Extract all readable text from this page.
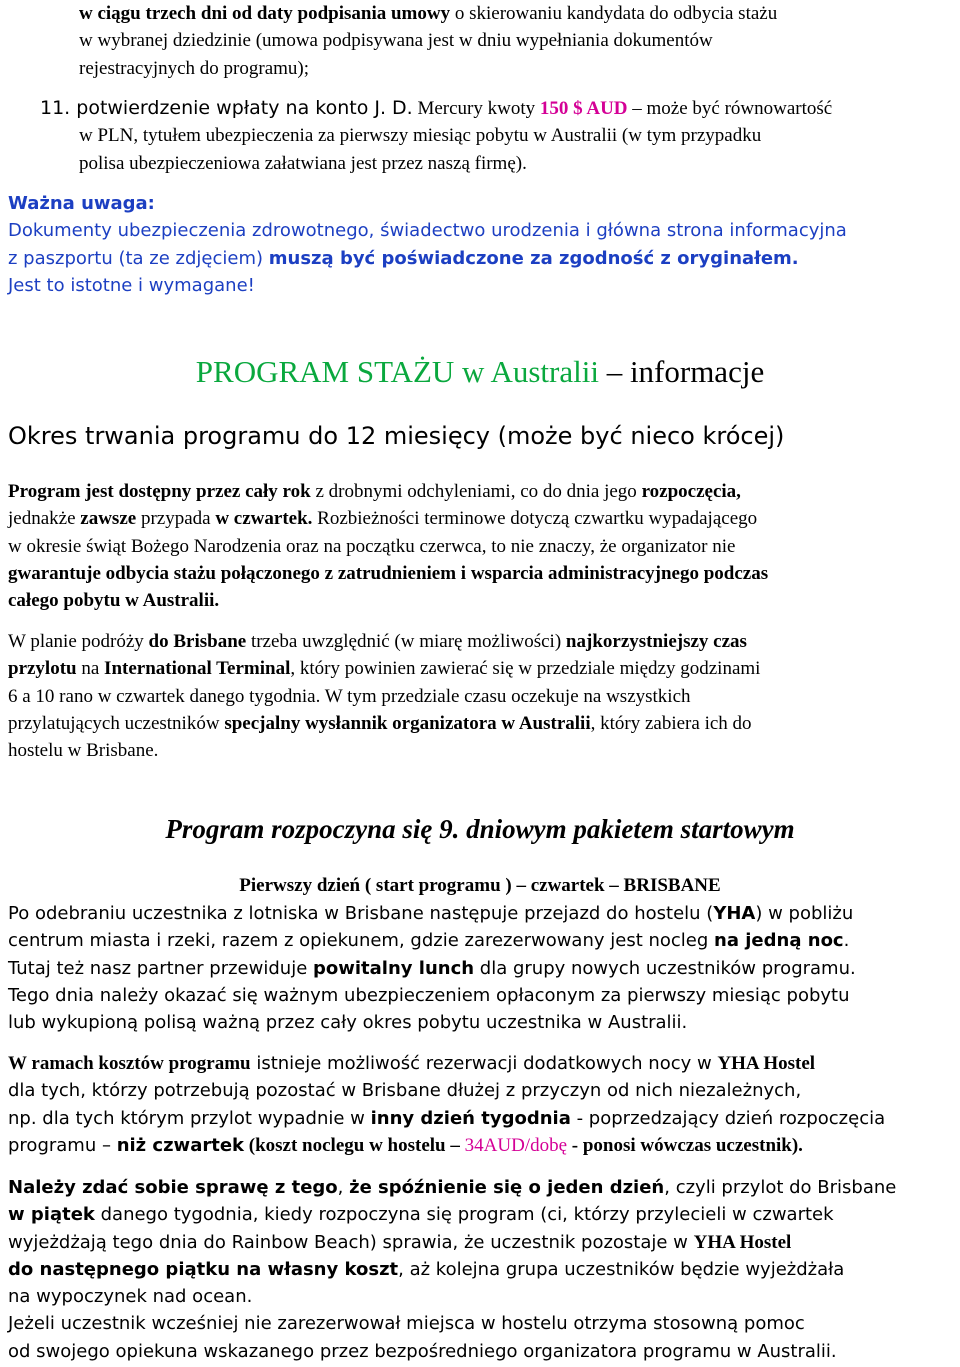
w ciągu trzech dni od daty podpisania umowy o skierowaniu kandydata do odbycia stażu
w wybranej dziedzinie (umowa podpisywana jest w dniu wypełniania dokumentów
rejestracyjnych do programu);
11. potwierdzenie wpłaty na konto J. D. Mercury kwoty 150 $ AUD – może być równowartość
w PLN, tytułem ubezpieczenia za pierwszy miesiąc pobytu w Australii (w tym przypadku
polisa ubezpieczeniowa załatwiana jest przez naszą firmę).
Ważna uwaga:
Dokumenty ubezpieczenia zdrowotnego, świadectwo urodzenia i główna strona informacyjna
z paszportu (ta ze zdjęciem) muszą być poświadczone za zgodność z oryginałem.
Jest to istotne i wymagane!
PROGRAM STAŻU w Australii – informacje
Okres trwania programu do 12 miesięcy (może być nieco krócej)
Program jest dostępny przez cały rok z drobnymi odchyleniami, co do dnia jego rozpoczęcia,
jednakże zawsze przypada w czwartek. Rozbieżności terminowe dotyczą czwartku wypadającego
w okresie świąt Bożego Narodzenia oraz na początku czerwca, to nie znaczy, że organizator nie
gwarantuje odbycia stażu połączonego z zatrudnieniem i wsparcia administracyjnego podczas
całego pobytu w Australii.
W planie podróży do Brisbane trzeba uwzględnić (w miarę możliwości) najkorzystniejszy czas
przylotu na International Terminal, który powinien zawierać się w przedziale między godzinami
6 a 10 rano w czwartek danego tygodnia. W tym przedziale czasu oczekuje na wszystkich
przylatujących uczestników specjalny wysłannik organizatora w Australii, który zabiera ich do
hostelu w Brisbane.
Program rozpoczyna się 9. dniowym pakietem startowym
Pierwszy dzień ( start programu ) – czwartek – BRISBANE
Po odebraniu uczestnika z lotniska w Brisbane następuje przejazd do hostelu (YHA) w pobliżu
centrum miasta i rzeki, razem z opiekunem, gdzie zarezerwowany jest nocleg na jedną noc.
Tutaj też nasz partner przewiduje powitalny lunch dla grupy nowych uczestników programu.
Tego dnia należy okazać się ważnym ubezpieczeniem opłaconym za pierwszy miesiąc pobytu
lub wykupioną polisą ważną przez cały okres pobytu uczestnika w Australii.
W ramach kosztów programu istnieje możliwość rezerwacji dodatkowych nocy w YHA Hostel
dla tych, którzy potrzebują pozostać w Brisbane dłużej z przyczyn od nich niezależnych,
np. dla tych którym przylot wypadnie w inny dzień tygodnia - poprzedzający dzień rozpoczęcia
programu – niż czwartek (koszt noclegu w hostelu – 34AUD/dobę - ponosi wówczas uczestnik).
Należy zdać sobie sprawę z tego, że spóźnienie się o jeden dzień, czyli przylot do Brisbane
w piątek danego tygodnia, kiedy rozpoczyna się program (ci, którzy przylecieli w czwartek
wyjeżdżają tego dnia do Rainbow Beach) sprawia, że uczestnik pozostaje w YHA Hostel
do następnego piątku na własny koszt, aż kolejna grupa uczestników będzie wyjeżdżała
na wypoczynek nad ocean.
Jeżeli uczestnik wcześniej nie zarezerwował miejsca w hostelu otrzyma stosowną pomoc
od swojego opiekuna wskazanego przez bezpośredniego organizatora programu w Australii.
